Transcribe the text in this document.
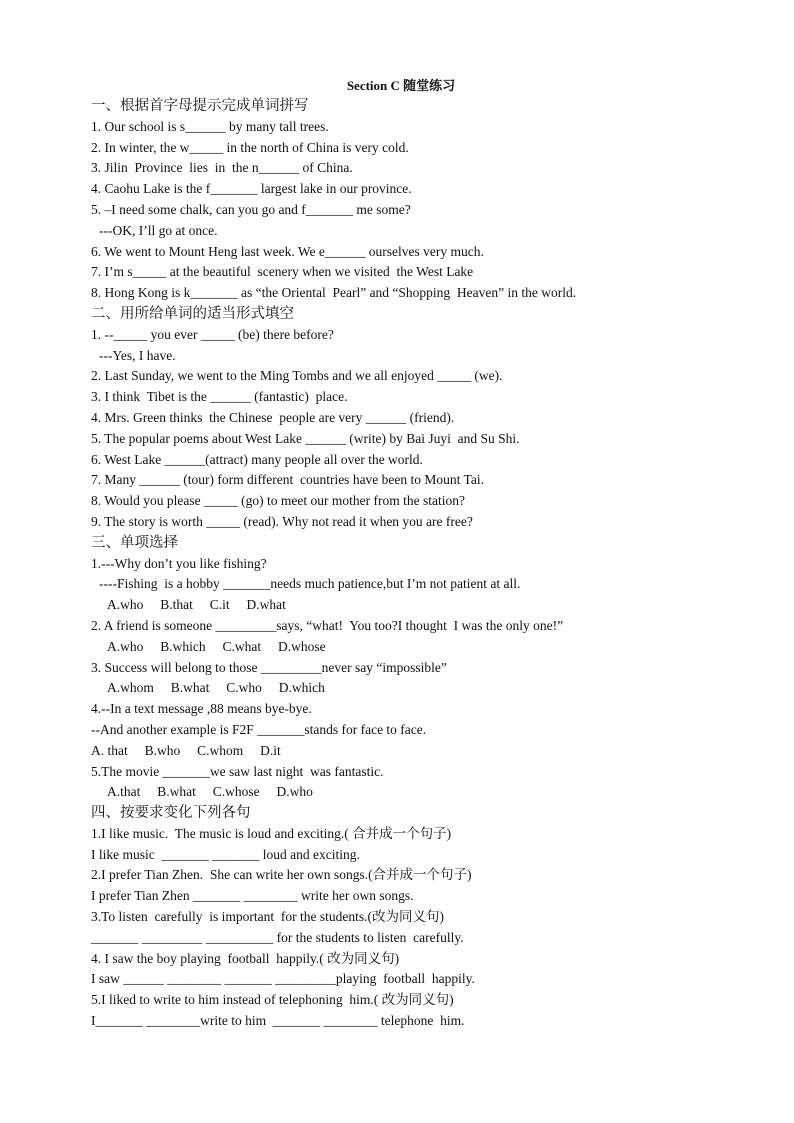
Section C 随堂练习
一、根据首字母提示完成单词拼写
1. Our school is s______ by many tall trees.
2. In winter, the w_____ in the north of China is very cold.
3. Jilin  Province  lies  in  the n______ of China.
4. Caohu Lake is the f_______ largest lake in our province.
5. –I need some chalk, can you go and f_______ me some?
---OK, I’ll go at once.
6. We went to Mount Heng last week. We e______ ourselves very much.
7. I’m s_____ at the beautiful  scenery when we visited  the West Lake
8. Hong Kong is k_______ as “the Oriental  Pearl” and “Shopping  Heaven” in the world.
二、用所给单词的适当形式填空
1. --_____ you ever _____ (be) there before?
---Yes, I have.
2. Last Sunday, we went to the Ming Tombs and we all enjoyed _____ (we).
3. I think  Tibet is the ______ (fantastic)  place.
4. Mrs. Green thinks  the Chinese  people are very ______ (friend).
5. The popular poems about West Lake ______ (write) by Bai Juyi  and Su Shi.
6. West Lake ______(attract) many people all over the world.
7. Many ______ (tour) form different  countries have been to Mount Tai.
8. Would you please _____ (go) to meet our mother from the station?
9. The story is worth _____ (read). Why not read it when you are free?
三、单项选择
1.---Why don’t you like fishing?
----Fishing  is a hobby _______needs much patience,but I’m not patient at all.
A.who     B.that     C.it     D.what
2. A friend is someone _________says, “what!  You too?I thought  I was the only one!”
A.who     B.which     C.what     D.whose
3. Success will belong to those _________never say “impossible”
A.whom     B.what     C.who     D.which
4.--In a text message ,88 means bye-bye.
--And another example is F2F _______stands for face to face.
A. that     B.who     C.whom     D.it
5.The movie _______we saw last night  was fantastic.
A.that     B.what     C.whose     D.who
四、按要求变化下列各句
1.I like music.  The music is loud and exciting.( 合并成一个句子)
I like music  _______ _______ loud and exciting.
2.I prefer Tian Zhen.  She can write her own songs.(合并成一个句子)
I prefer Tian Zhen _______ ________ write her own songs.
3.To listen  carefully  is important  for the students.(改为同义句)
_______ _________ __________ for the students to listen  carefully.
4. I saw the boy playing  football  happily.( 改为同义句)
I saw ______ ________ _______ _________playing  football  happily.
5.I liked to write to him instead of telephoning  him.( 改为同义句)
I_______ ________write to him  _______ ________ telephone  him.
